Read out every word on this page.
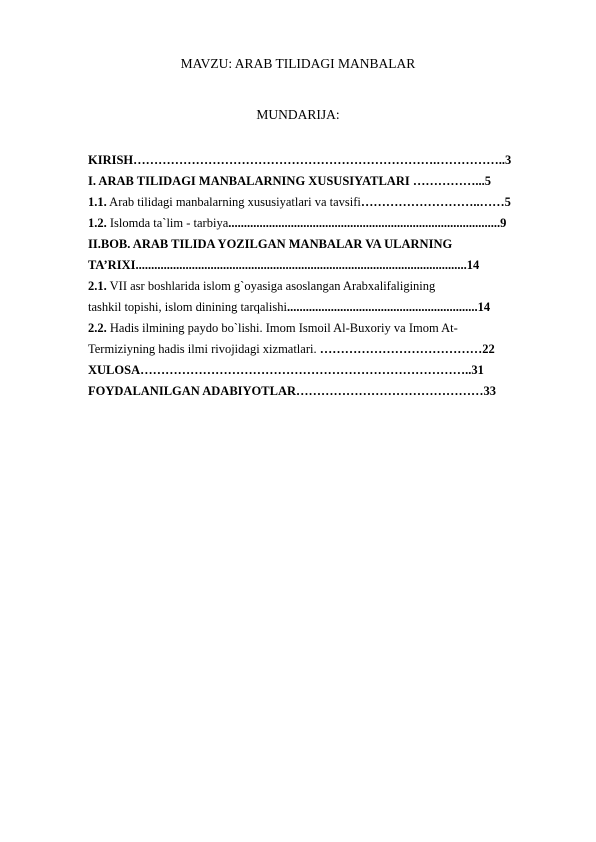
MAVZU: ARAB TILIDAGI MANBALAR
MUNDARIJA:
KIRISH……………………………………………………………….……………..3
I. ARAB TILIDAGI MANBALARNING XUSUSIYATLARI ……………...5
1.1. Arab tilidagi manbalarning xususiyatlari va tavsifi………………………..……5
1.2. Islomda ta`lim - tarbiya.......................................................................................9
II.BOB. ARAB TILIDA YOZILGAN MANBALAR VA ULARNING
TA’RIXI..........................................................................................................14
2.1. VII asr boshlarida islom g`oyasiga asoslangan Arabxalifaligining
tashkil topishi, islom dinining tarqalishi.............................................................14
2.2. Hadis ilmining paydo bo`lishi. Imom Ismoil Al-Buxoriy va Imom At-
Termiziyning hadis ilmi rivojidagi xizmatlari. …………………………………22
XULOSA……………………………………………………………………..31
FOYDALANILGAN ADABIYOTLAR………………………………………33
